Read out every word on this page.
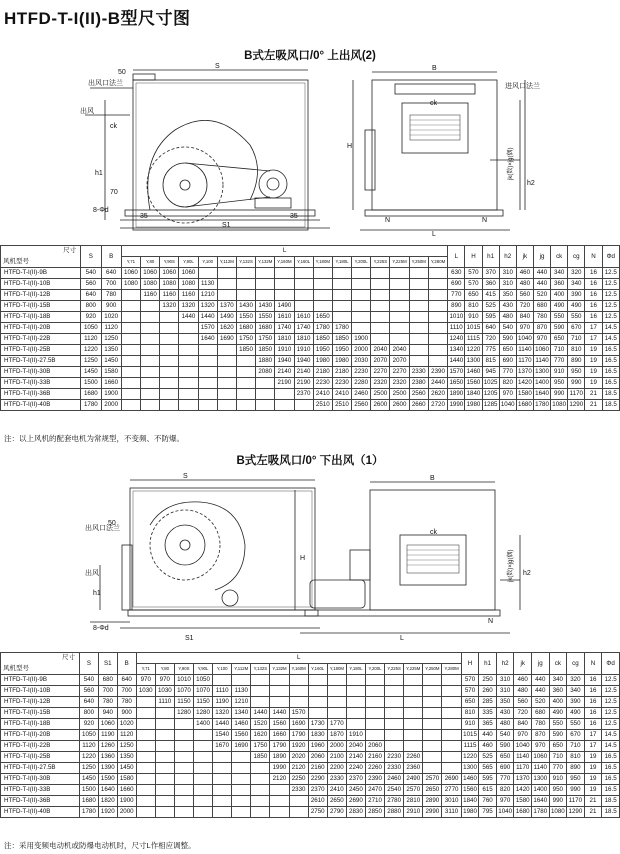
HTFD-T-I(II)-B型尺寸图
B式左吸风口/0° 上出风(2)
50
S
出风口法兰
出风
ck
h1
70
8-Φd
35	35
S1
B
进风口法兰
ck
H
h2
jk(数)×jg(偶)
N	N
L
尺寸
风机型号	S	B	L																	L	H	h1	h2	jk	jg	ck	cg	N	Φd
			Y,71	Y,80	Y,90S	Y,90L	Y,100	Y,112M	Y,132S	Y,132M	Y,160M	Y,160L	Y,180M	Y,180L	Y,200L	Y,225S	Y,225M	Y,250M	Y,280M										
HTFD-T-I(II)-9B	540	640	1060	1060	1060	1060														630	570	370	310	460	440	340	320	16	12.5
HTFD-T-I(II)-10B	560	700	1080	1080	1080	1080	1130													690	570	360	310	480	440	360	340	16	12.5
HTFD-T-I(II)-12B	640	780		1160	1160	1160	1210													770	650	415	350	560	520	400	390	16	12.5
HTFD-T-I(II)-15B	800	900			1320	1320	1320	1370	1430	1430	1490									890	810	525	430	720	680	490	490	16	12.5
HTFD-T-I(II)-18B	920	1020				1440	1440	1490	1550	1550	1610	1610	1650							1010	910	595	480	840	780	550	550	16	12.5
HTFD-T-I(II)-20B	1050	1120					1570	1620	1680	1680	1740	1740	1780	1780						1110	1015	640	540	970	870	590	670	17	14.5
HTFD-T-I(II)-22B	1120	1250					1640	1690	1750	1750	1810	1810	1850	1850	1900					1240	1115	720	590	1040	970	650	710	17	14.5
HTFD-T-I(II)-25B	1220	1350							1850	1850	1910	1910	1950	1950	2000	2040	2040			1340	1220	775	650	1140	1060	710	810	19	16.5
HTFD-T-I(II)-27.5B	1250	1450								1880	1940	1940	1980	1980	2030	2070	2070			1440	1300	815	690	1170	1140	770	890	19	16.5
HTFD-T-I(II)-30B	1450	1580								2080	2140	2140	2180	2180	2230	2270	2270	2330	2390	1570	1460	945	770	1370	1300	910	950	19	16.5
HTFD-T-I(II)-33B	1500	1660									2190	2190	2230	2230	2280	2320	2320	2380	2440	1650	1560	1025	820	1420	1400	950	990	19	16.5
HTFD-T-I(II)-36B	1680	1900										2370	2410	2410	2460	2500	2500	2560	2620	1890	1840	1205	970	1580	1640	990	1170	21	18.5
HTFD-T-I(II)-40B	1780	2000											2510	2510	2560	2600	2600	2660	2720	1990	1980	1285	1040	1680	1780	1080	1290	21	18.5
注：以上风机的配套电机为常规型，不变频、不防爆。
B式左吸风口/0° 下出风（1）
S
50
出风口法兰
出风
h1
8-Φd
S1
B
ck
H
h2
jk(数)×jg(偶)
N
L
尺寸
风机型号	S	S1	B	L																	H	h1	h2	jk	jg	ck	cg	N	Φd
				Y,71	Y,80	Y,90S	Y,90L	Y,100	Y,112M	Y,132S	Y,132M	Y,160M	Y,160L	Y,180M	Y,180L	Y,200L	Y,225S	Y,225M	Y,250M	Y,280M									
HTFD-T-I(II)-9B	540	680	640	970	970	1010	1050														570	250	310	460	440	340	320	16	12.5
HTFD-T-I(II)-10B	560	700	700	1030	1030	1070	1070	1110	1130												570	260	310	480	440	360	340	16	12.5
HTFD-T-I(II)-12B	640	780	780		1110	1150	1150	1190	1210												650	285	350	560	520	400	390	16	12.5
HTFD-T-I(II)-15B	800	940	900			1280	1280	1320	1340	1440	1440	1570									810	335	430	720	680	490	490	16	12.5
HTFD-T-I(II)-18B	920	1060	1020				1400	1440	1460	1520	1560	1690	1730	1770							910	365	480	840	780	550	550	16	12.5
HTFD-T-I(II)-20B	1050	1190	1120					1540	1560	1620	1660	1790	1830	1870	1910						1015	440	540	970	870	590	670	17	14.5
HTFD-T-I(II)-22B	1120	1260	1250					1670	1690	1750	1790	1920	1960	2000	2040	2060					1115	460	590	1040	970	650	710	17	14.5
HTFD-T-I(II)-25B	1220	1360	1350							1850	1890	2020	2060	2100	2140	2160	2230	2260			1220	525	650	1140	1060	710	810	19	16.5
HTFD-T-I(II)-27.5B	1250	1390	1450								1990	2120	2160	2200	2240	2260	2330	2360			1300	565	690	1170	1140	770	890	19	16.5
HTFD-T-I(II)-30B	1450	1590	1580								2120	2250	2290	2330	2370	2390	2460	2490	2570	2690	1460	595	770	1370	1300	910	950	19	16.5
HTFD-T-I(II)-33B	1500	1640	1660									2330	2370	2410	2450	2470	2540	2570	2650	2770	1560	615	820	1420	1400	950	990	19	16.5
HTFD-T-I(II)-36B	1680	1820	1900										2610	2650	2690	2710	2780	2810	2890	3010	1840	760	970	1580	1640	990	1170	21	18.5
HTFD-T-I(II)-40B	1780	1920	2000										2750	2790	2830	2850	2880	2910	2990	3110	1980	795	1040	1680	1780	1080	1290	21	18.5
注：采用变频电动机或防爆电动机时，尺寸L作相应调整。
